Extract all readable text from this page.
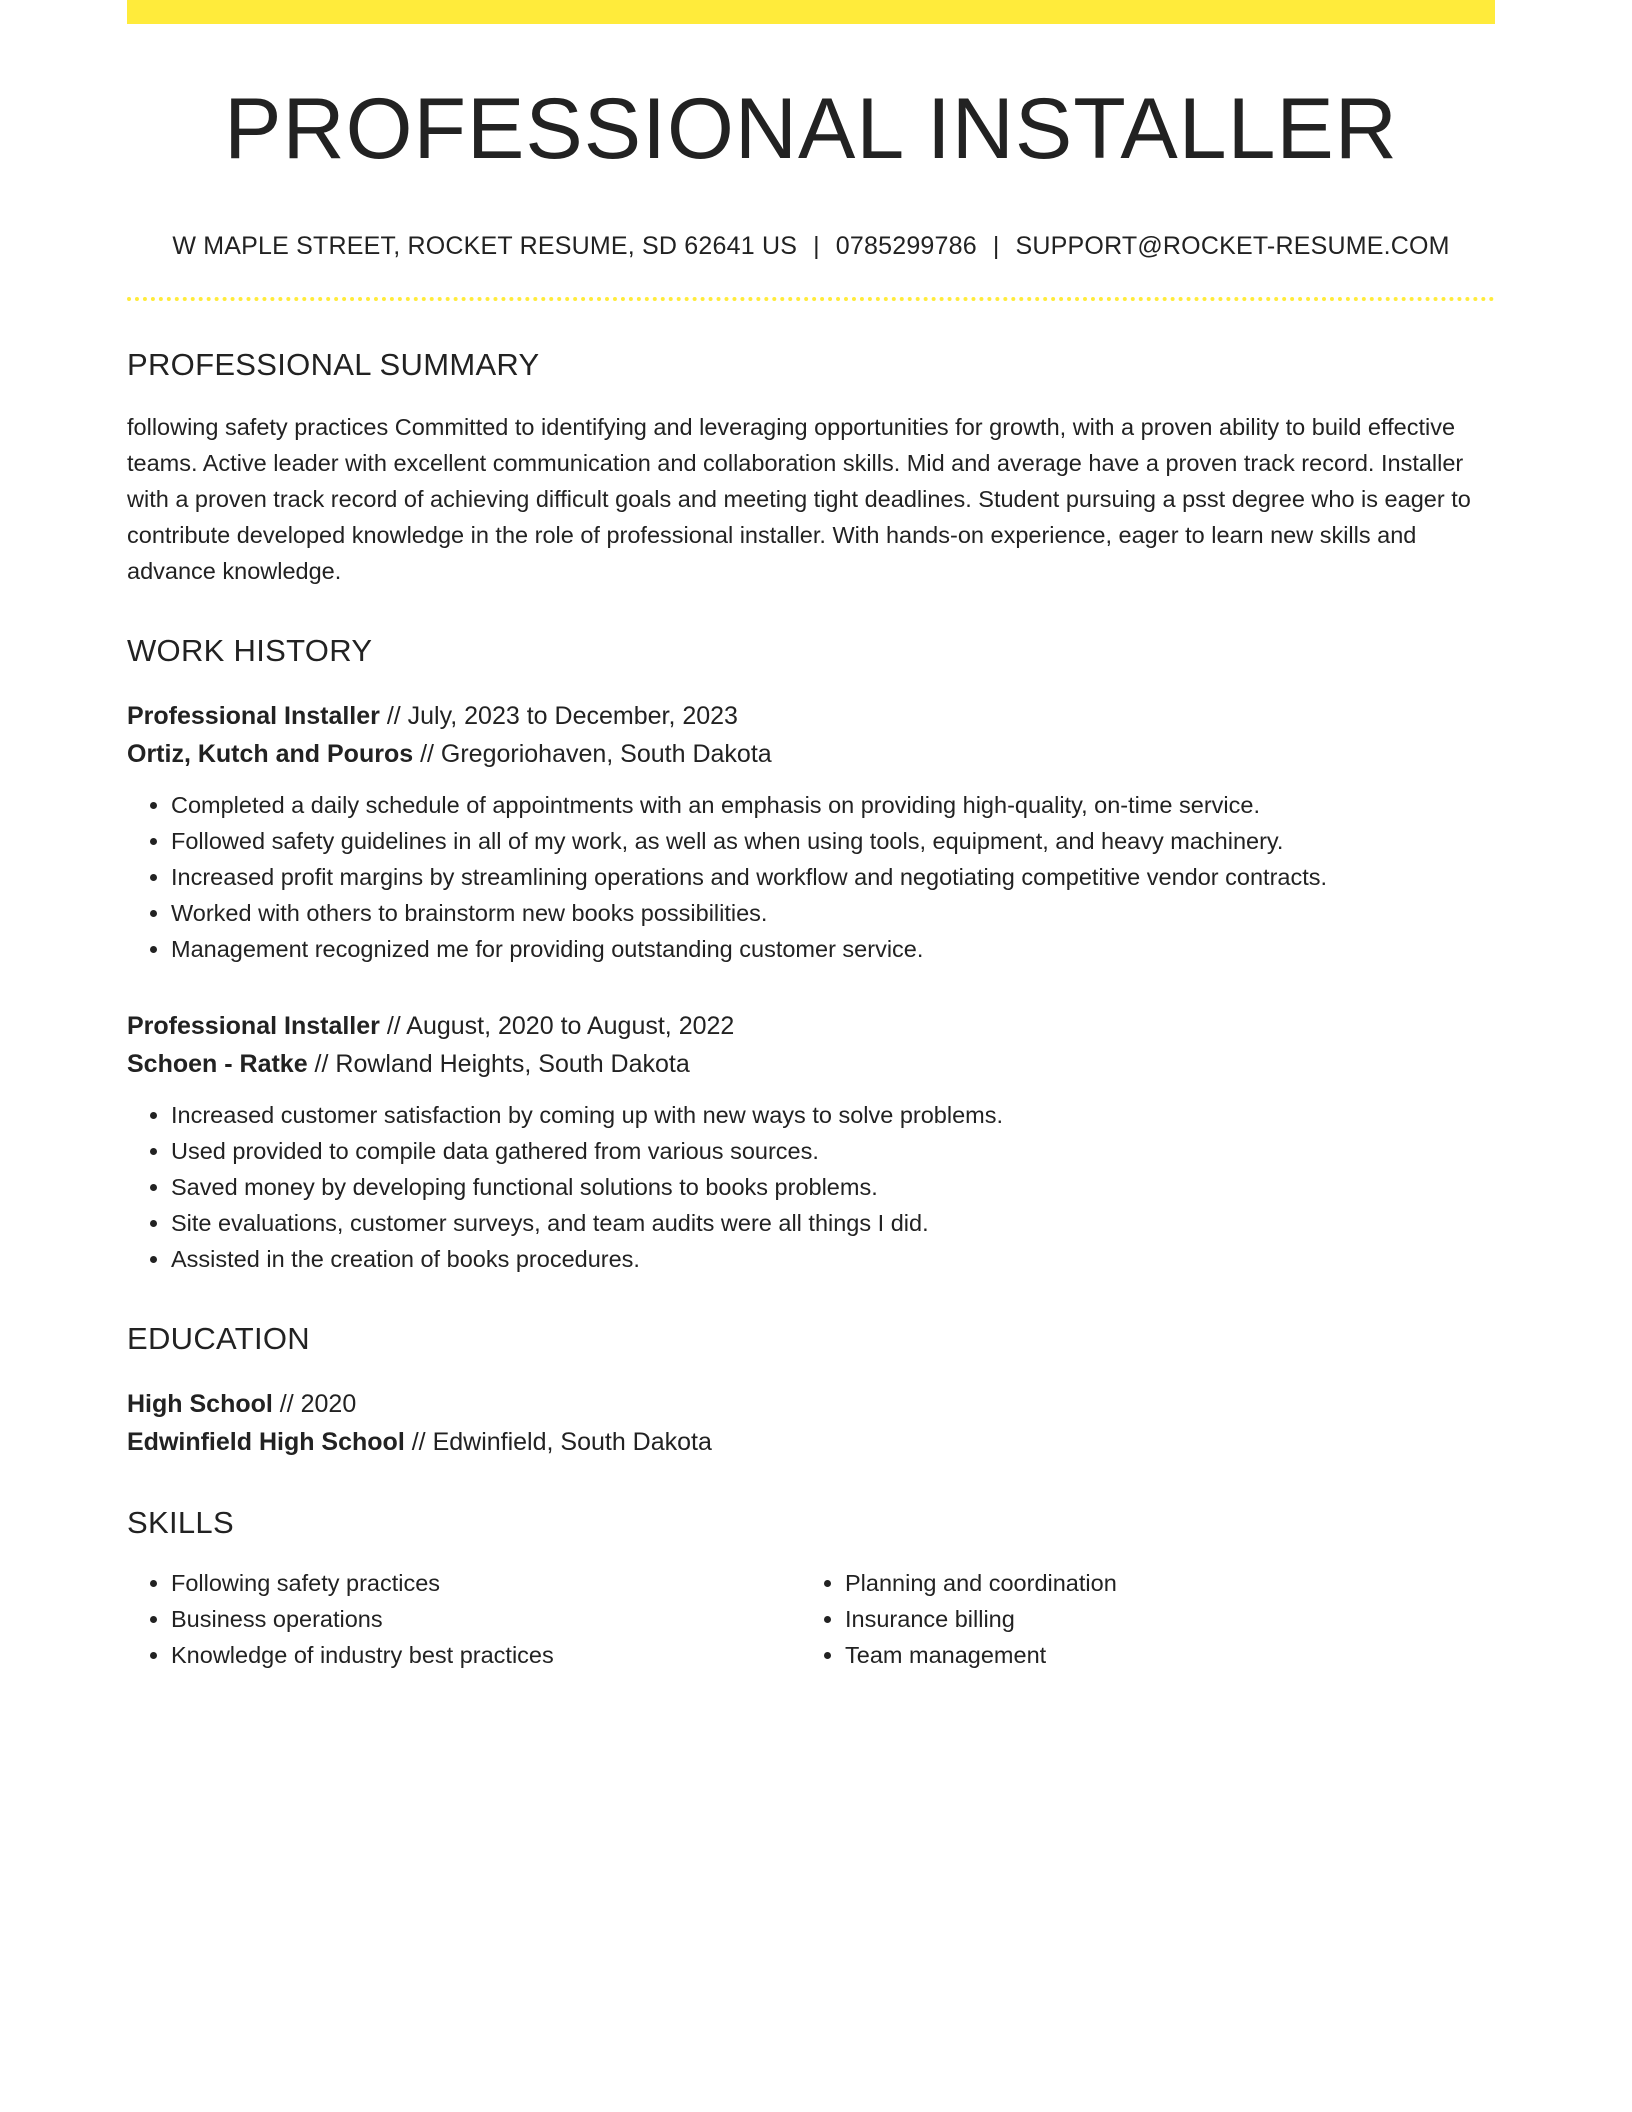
PROFESSIONAL INSTALLER
W MAPLE STREET, ROCKET RESUME, SD 62641 US | 0785299786 | SUPPORT@ROCKET-RESUME.COM
PROFESSIONAL SUMMARY
following safety practices Committed to identifying and leveraging opportunities for growth, with a proven ability to build effective teams. Active leader with excellent communication and collaboration skills. Mid and average have a proven track record. Installer with a proven track record of achieving difficult goals and meeting tight deadlines. Student pursuing a psst degree who is eager to contribute developed knowledge in the role of professional installer. With hands-on experience, eager to learn new skills and advance knowledge.
WORK HISTORY
Professional Installer // July, 2023 to December, 2023
Ortiz, Kutch and Pouros // Gregoriohaven, South Dakota
• Completed a daily schedule of appointments with an emphasis on providing high-quality, on-time service.
• Followed safety guidelines in all of my work, as well as when using tools, equipment, and heavy machinery.
• Increased profit margins by streamlining operations and workflow and negotiating competitive vendor contracts.
• Worked with others to brainstorm new books possibilities.
• Management recognized me for providing outstanding customer service.
Professional Installer // August, 2020 to August, 2022
Schoen - Ratke // Rowland Heights, South Dakota
• Increased customer satisfaction by coming up with new ways to solve problems.
• Used provided to compile data gathered from various sources.
• Saved money by developing functional solutions to books problems.
• Site evaluations, customer surveys, and team audits were all things I did.
• Assisted in the creation of books procedures.
EDUCATION
High School // 2020
Edwinfield High School // Edwinfield, South Dakota
SKILLS
• Following safety practices
• Business operations
• Knowledge of industry best practices
• Planning and coordination
• Insurance billing
• Team management
